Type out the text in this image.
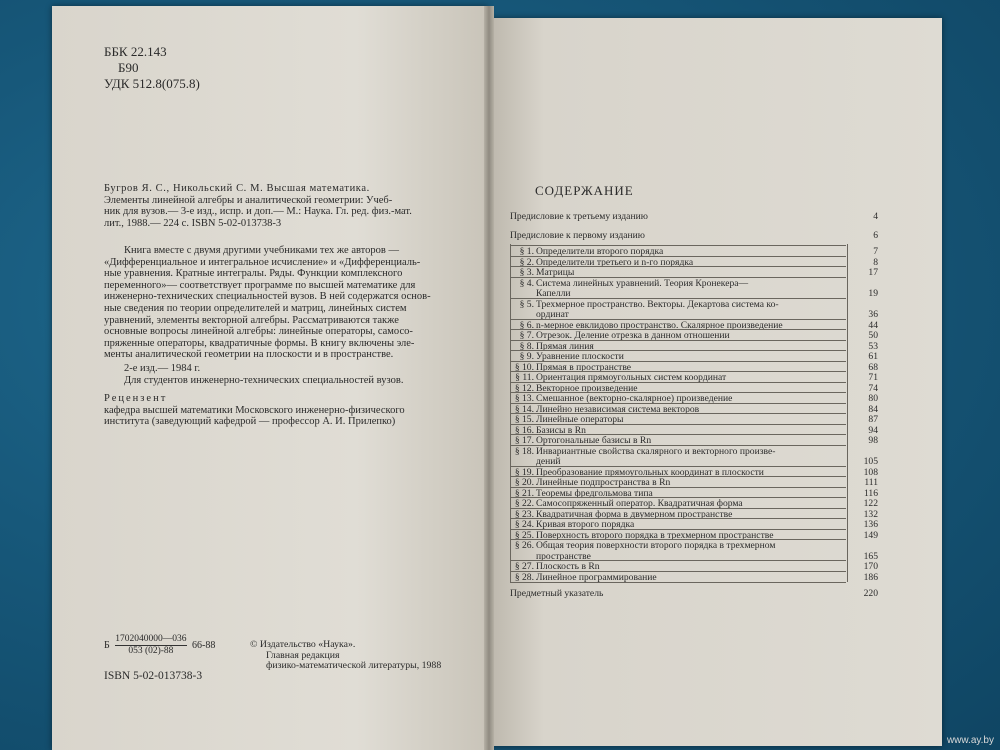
ББК 22.143
Б90
УДК 512.8(075.8)

Бугров Я. С., Никольский С. М. Высшая математика.

Элементы линейной алгебры и аналитической геометрии: Учеб-

ник для вузов.— 3-е изд., испр. и доп.— М.: Наука. Гл. ред. физ.-мат.

лит., 1988.— 224 с. ISBN 5-02-013738-3

Книга вместе с двумя другими учебниками тех же авторов —

«Дифференциальное и интегральное исчисление» и «Дифференциаль-

ные уравнения. Кратные интегралы. Ряды. Функции комплексного

переменного»— соответствует программе по высшей математике для

инженерно-технических специальностей вузов. В ней содержатся основ-

ные сведения по теории определителей и матриц, линейных систем

уравнений, элементы векторной алгебры. Рассматриваются также

основные вопросы линейной алгебры: линейные операторы, самосо-

пряженные операторы, квадратичные формы. В книгу включены эле-

менты аналитической геометрии на плоскости и в пространстве.

2-е изд.— 1984 г.

Для студентов инженерно-технических специальностей вузов.

Рецензент

кафедра высшей математики Московского инженерно-физического

института (заведующий кафедрой — профессор А. И. Прилепко)

Б $\frac{1702040000—036}{053 (02)-88} 66-88$	© Издательство «Наука».
Главная редакция
физико-математической литературы, 1988
ISBN 5-02-013738-3
СОДЕРЖАНИЕ
Предисловие к третьему изданию	4
Предисловие к первому изданию	6
§ 1. Определители второго порядка	7
§ 2. Определители третьего и n-го порядка	8
§ 3. Матрицы	17
§ 4. Система линейных уравнений. Теория Кронекера—
Капелли	19
§ 5. Трехмерное пространство. Векторы. Декартова система ко-
ординат	36
§ 6. n-мерное евклидово пространство. Скалярное произведение	44
§ 7. Отрезок. Деление отрезка в данном отношении	50
§ 8. Прямая линия	53
§ 9. Уравнение плоскости	61
§ 10. Прямая в пространстве	68
§ 11. Ориентация прямоугольных систем координат	71
§ 12. Векторное произведение	74
§ 13. Смешанное (векторно-скалярное) произведение	80
§ 14. Линейно независимая система векторов	84
§ 15. Линейные операторы	87
§ 16. Базисы в Rn	94
§ 17. Ортогональные базисы в Rn	98
§ 18. Инвариантные свойства скалярного и векторного произве-
дений	105
§ 19. Преобразование прямоугольных координат в плоскости	108
§ 20. Линейные подпространства в Rn	111
§ 21. Теоремы фредгольмова типа	116
§ 22. Самосопряженный оператор. Квадратичная форма	122
§ 23. Квадратичная форма в двумерном пространстве	132
§ 24. Кривая второго порядка	136
§ 25. Поверхность второго порядка в трехмерном пространстве	149
§ 26. Общая теория поверхности второго порядка в трехмерном
пространстве	165
§ 27. Плоскость в Rn	170
§ 28. Линейное программирование	186
Предметный указатель	220
www.ay.by
